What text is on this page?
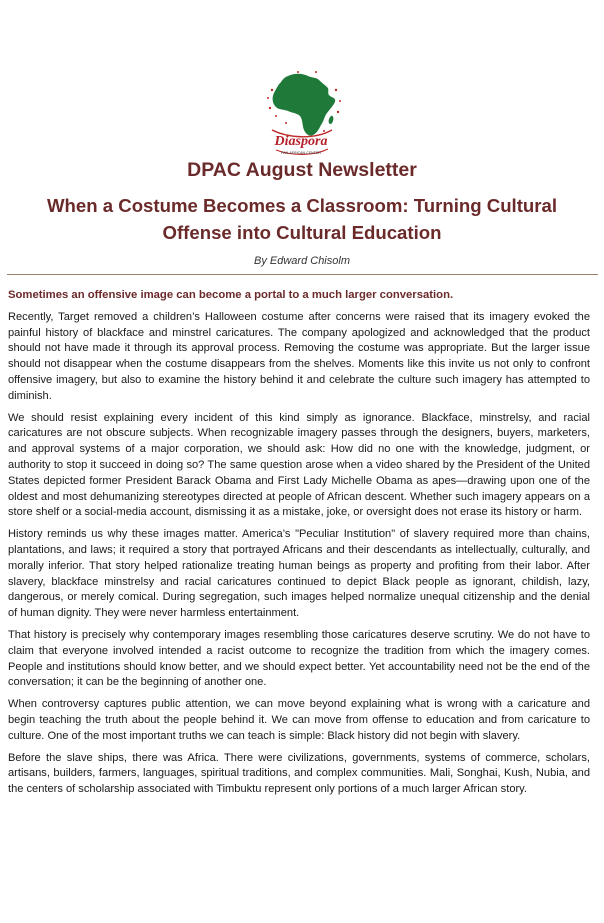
Diaspora
PAN-AFRICAN CENTER
DPAC August Newsletter
When a Costume Becomes a Classroom: Turning Cultural Offense into Cultural Education
By Edward Chisolm

Sometimes an offensive image can become a portal to a much larger conversation.

Recently, Target removed a children’s Halloween costume after concerns were raised that its imagery evoked the painful history of blackface and minstrel caricatures. The company apologized and acknowledged that the product should not have made it through its approval process. Removing the costume was appropriate. But the larger issue should not disappear when the costume disappears from the shelves. Moments like this invite us not only to confront offensive imagery, but also to examine the history behind it and celebrate the culture such imagery has attempted to diminish.

We should resist explaining every incident of this kind simply as ignorance. Blackface, minstrelsy, and racial caricatures are not obscure subjects. When recognizable imagery passes through the designers, buyers, marketers, and approval systems of a major corporation, we should ask: How did no one with the knowledge, judgment, or authority to stop it succeed in doing so? The same question arose when a video shared by the President of the United States depicted former President Barack Obama and First Lady Michelle Obama as apes—drawing upon one of the oldest and most dehumanizing stereotypes directed at people of African descent. Whether such imagery appears on a store shelf or a social-media account, dismissing it as a mistake, joke, or oversight does not erase its history or harm.

History reminds us why these images matter. America’s "Peculiar Institution" of slavery required more than chains, plantations, and laws; it required a story that portrayed Africans and their descendants as intellectually, culturally, and morally inferior. That story helped rationalize treating human beings as property and profiting from their labor. After slavery, blackface minstrelsy and racial caricatures continued to depict Black people as ignorant, childish, lazy, dangerous, or merely comical. During segregation, such images helped normalize unequal citizenship and the denial of human dignity. They were never harmless entertainment.

That history is precisely why contemporary images resembling those caricatures deserve scrutiny. We do not have to claim that everyone involved intended a racist outcome to recognize the tradition from which the imagery comes. People and institutions should know better, and we should expect better. Yet accountability need not be the end of the conversation; it can be the beginning of another one.

When controversy captures public attention, we can move beyond explaining what is wrong with a caricature and begin teaching the truth about the people behind it. We can move from offense to education and from caricature to culture. One of the most important truths we can teach is simple: Black history did not begin with slavery.

Before the slave ships, there was Africa. There were civilizations, governments, systems of commerce, scholars, artisans, builders, farmers, languages, spiritual traditions, and complex communities. Mali, Songhai, Kush, Nubia, and the centers of scholarship associated with Timbuktu represent only portions of a much larger African story.
